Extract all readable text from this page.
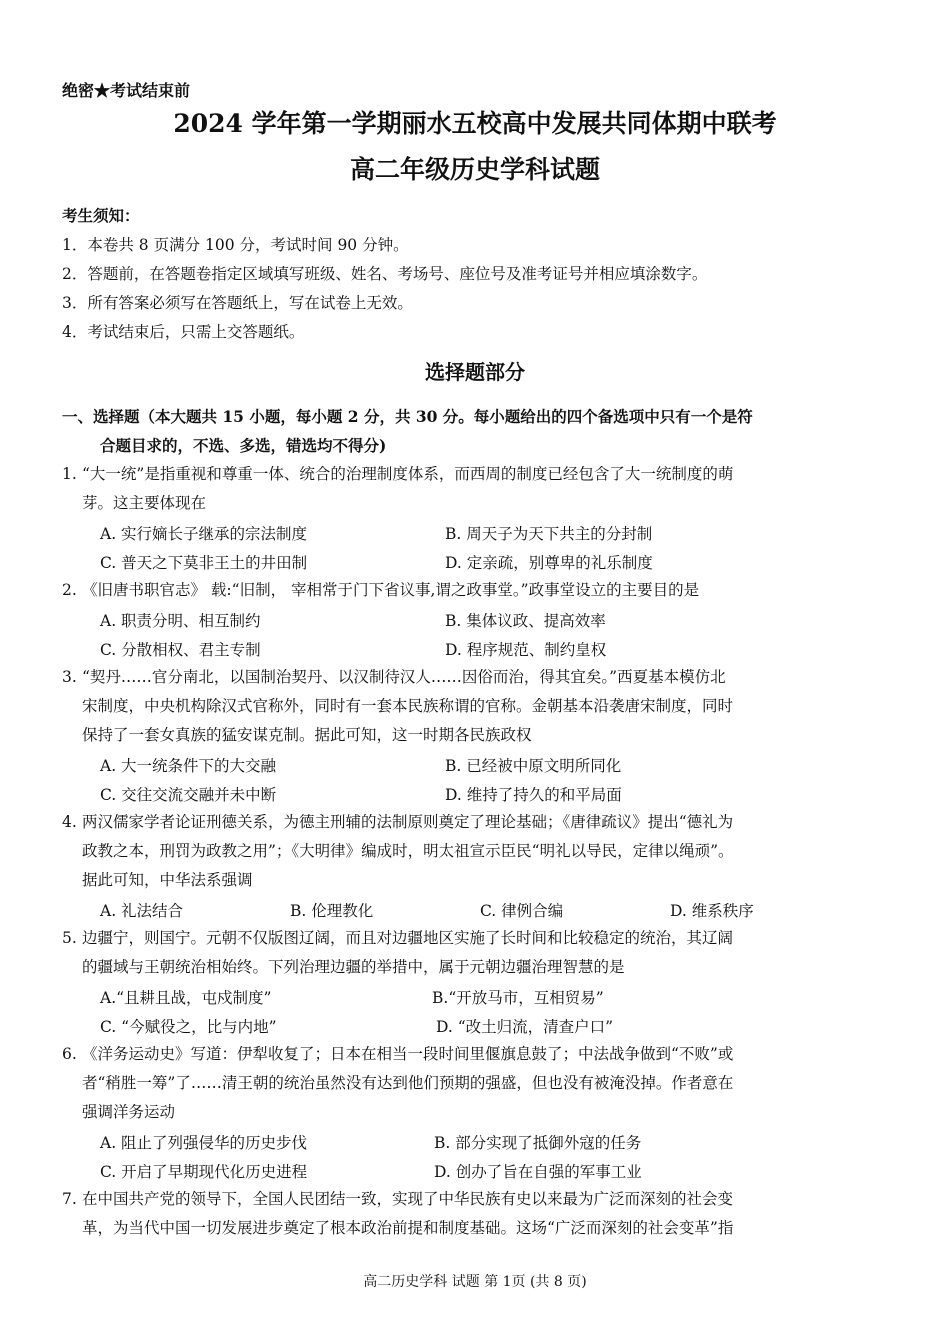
绝密★考试结束前
2024 学年第一学期丽水五校高中发展共同体期中联考
高二年级历史学科试题
考生须知：
1．本卷共 8 页满分 100 分，考试时间 90 分钟。
2．答题前，在答题卷指定区域填写班级、姓名、考场号、座位号及准考证号并相应填涂数字。
3．所有答案必须写在答题纸上，写在试卷上无效。
4．考试结束后，只需上交答题纸。
选择题部分
一、选择题（本大题共 15 小题，每小题 2 分，共 30 分。每小题给出的四个备选项中只有一个是符
合题目求的，不选、多选，错选均不得分)
1. “大一统”是指重视和尊重一体、统合的治理制度体系，而西周的制度已经包含了大一统制度的萌

芽。这主要体现在

A. 实行嫡长子继承的宗法制度	B. 周天子为天下共主的分封制
C. 普天之下莫非王土的井田制	D. 定亲疏，别尊卑的礼乐制度
2. 《旧唐书职官志》 载:“旧制， 宰相常于门下省议事,谓之政事堂。”政事堂设立的主要目的是

A. 职责分明、相互制约	B. 集体议政、提高效率
C. 分散相权、君主专制	D. 程序规范、制约皇权
3. “契丹……官分南北，以国制治契丹、以汉制待汉人……因俗而治，得其宜矣。”西夏基本模仿北

宋制度，中央机构除汉式官称外，同时有一套本民族称谓的官称。金朝基本沿袭唐宋制度，同时

保持了一套女真族的猛安谋克制。据此可知，这一时期各民族政权

A. 大一统条件下的大交融	B. 已经被中原文明所同化
C. 交往交流交融并未中断	D. 维持了持久的和平局面
4. 两汉儒家学者论证刑德关系，为德主刑辅的法制原则奠定了理论基础；《唐律疏议》提出“德礼为

政教之本，刑罚为政教之用”；《大明律》编成时，明太祖宣示臣民“明礼以导民，定律以绳顽”。

据此可知，中华法系强调

A. 礼法结合	B. 伦理教化	C. 律例合编	D. 维系秩序
5. 边疆宁，则国宁。元朝不仅版图辽阔，而且对边疆地区实施了长时间和比较稳定的统治，其辽阔

的疆域与王朝统治相始终。下列治理边疆的举措中，属于元朝边疆治理智慧的是

A.“且耕且战，屯戍制度”	B.“开放马市，互相贸易”
C. “今赋役之，比与内地”	D. “改土归流，清查户口”
6. 《洋务运动史》写道：伊犁收复了；日本在相当一段时间里偃旗息鼓了；中法战争做到“不败”或

者“稍胜一筹”了……清王朝的统治虽然没有达到他们预期的强盛，但也没有被淹没掉。作者意在

强调洋务运动

A. 阻止了列强侵华的历史步伐	B. 部分实现了抵御外寇的任务
C. 开启了早期现代化历史进程	D. 创办了旨在自强的军事工业
7. 在中国共产党的领导下，全国人民团结一致，实现了中华民族有史以来最为广泛而深刻的社会变

革，为当代中国一切发展进步奠定了根本政治前提和制度基础。这场“广泛而深刻的社会变革”指

高二历史学科 试题 第 1页 (共 8 页)
